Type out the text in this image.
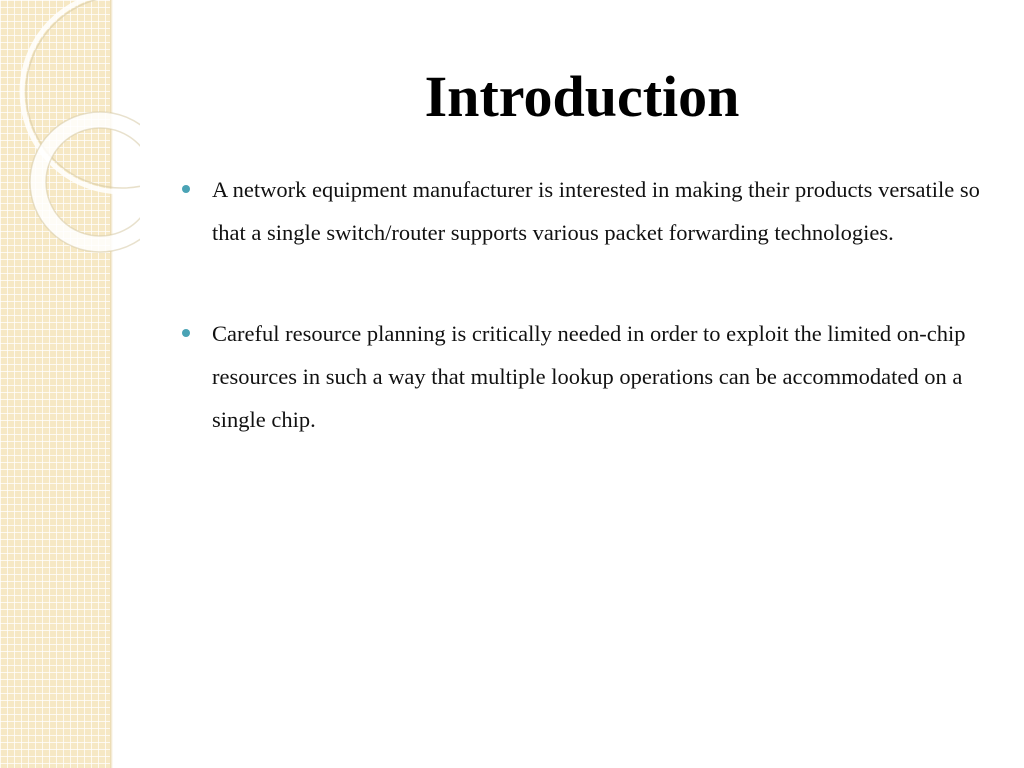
Introduction
A network equipment manufacturer is interested in making their products versatile so that a single switch/router supports various packet forwarding technologies.
Careful resource planning is critically needed in order to exploit the limited on-chip resources in such a way that multiple lookup operations can be accommodated on a single chip.
